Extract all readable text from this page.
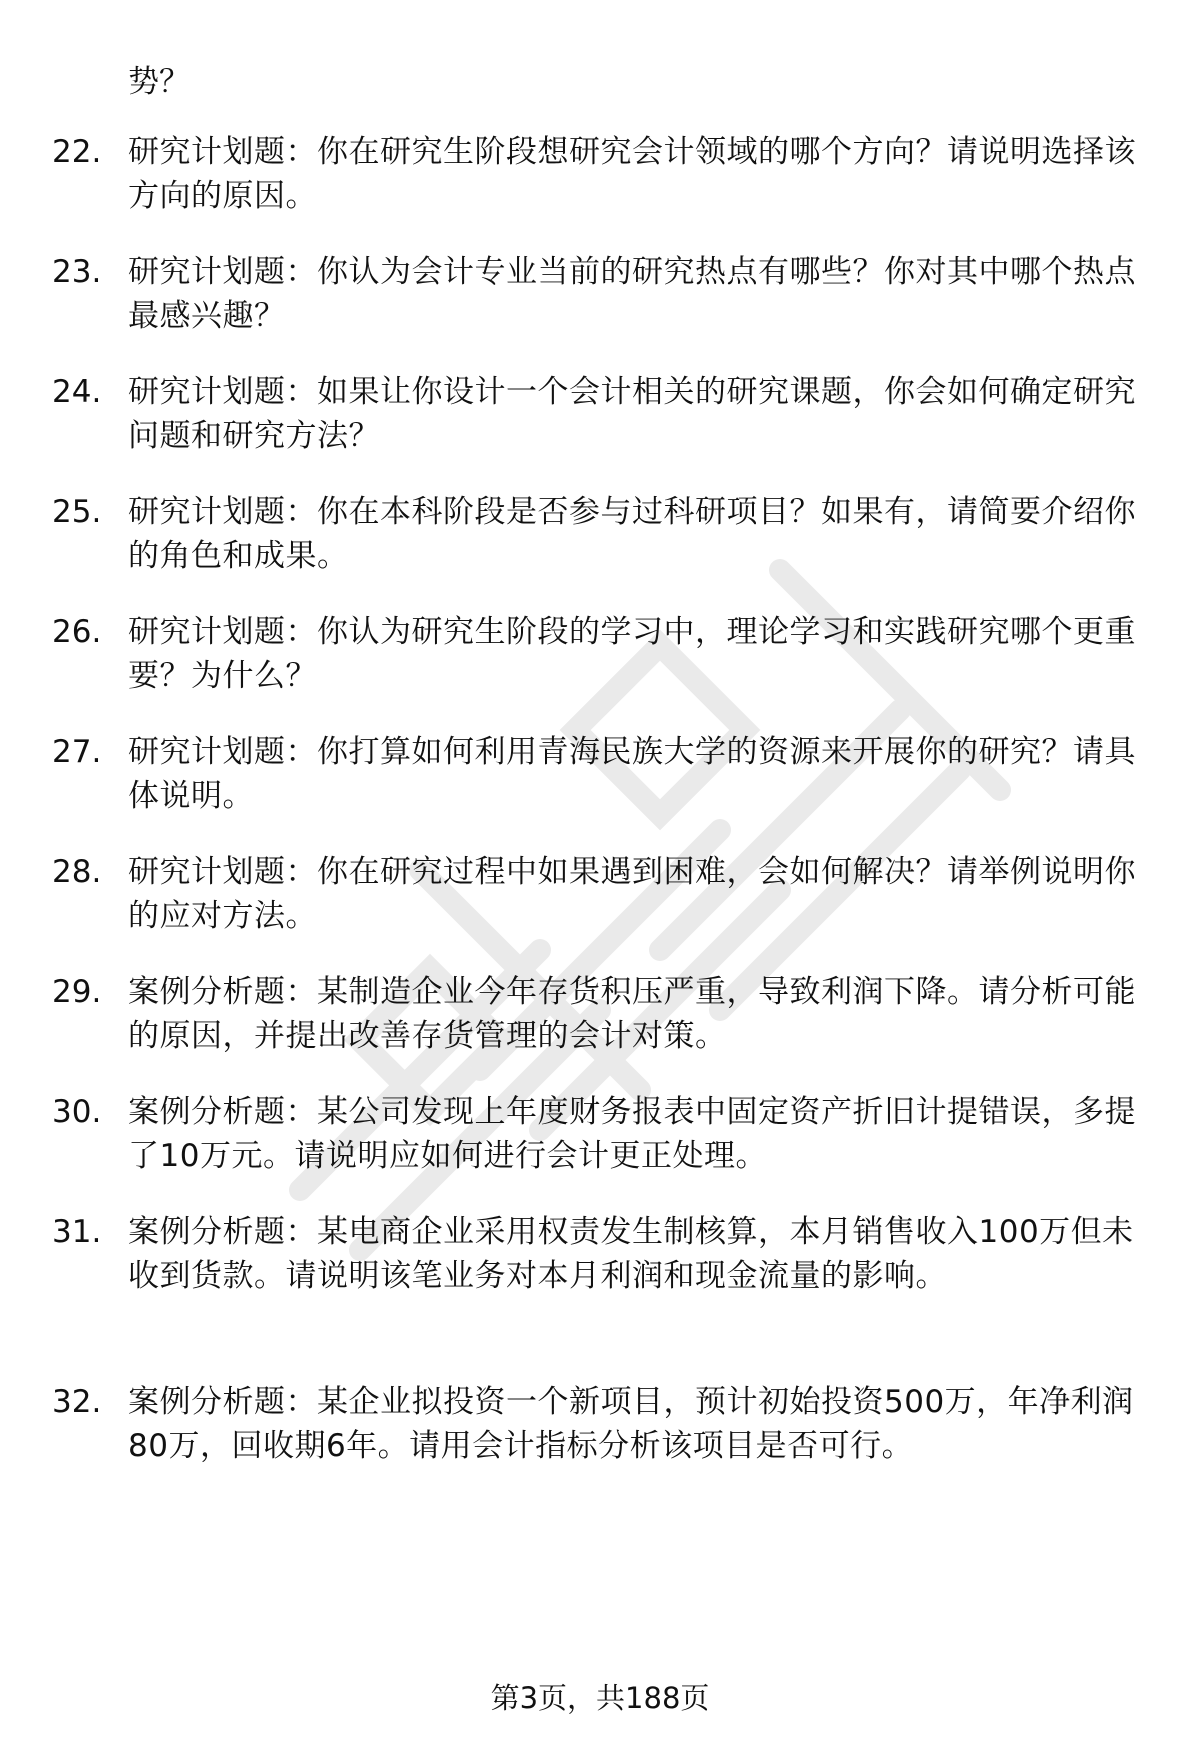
势？
22. 研究计划题：你在研究生阶段想研究会计领域的哪个方向？请说明选择该方向的原因。
23. 研究计划题：你认为会计专业当前的研究热点有哪些？你对其中哪个热点最感兴趣？
24. 研究计划题：如果让你设计一个会计相关的研究课题，你会如何确定研究问题和研究方法？
25. 研究计划题：你在本科阶段是否参与过科研项目？如果有，请简要介绍你的角色和成果。
26. 研究计划题：你认为研究生阶段的学习中，理论学习和实践研究哪个更重要？为什么？
27. 研究计划题：你打算如何利用青海民族大学的资源来开展你的研究？请具体说明。
28. 研究计划题：你在研究过程中如果遇到困难，会如何解决？请举例说明你的应对方法。
29. 案例分析题：某制造企业今年存货积压严重，导致利润下降。请分析可能的原因，并提出改善存货管理的会计对策。
30. 案例分析题：某公司发现上年度财务报表中固定资产折旧计提错误，多提了10万元。请说明应如何进行会计更正处理。
31. 案例分析题：某电商企业采用权责发生制核算，本月销售收入100万但未收到货款。请说明该笔业务对本月利润和现金流量的影响。
32. 案例分析题：某企业拟投资一个新项目，预计初始投资500万，年净利润80万，回收期6年。请用会计指标分析该项目是否可行。
第3页，共188页
